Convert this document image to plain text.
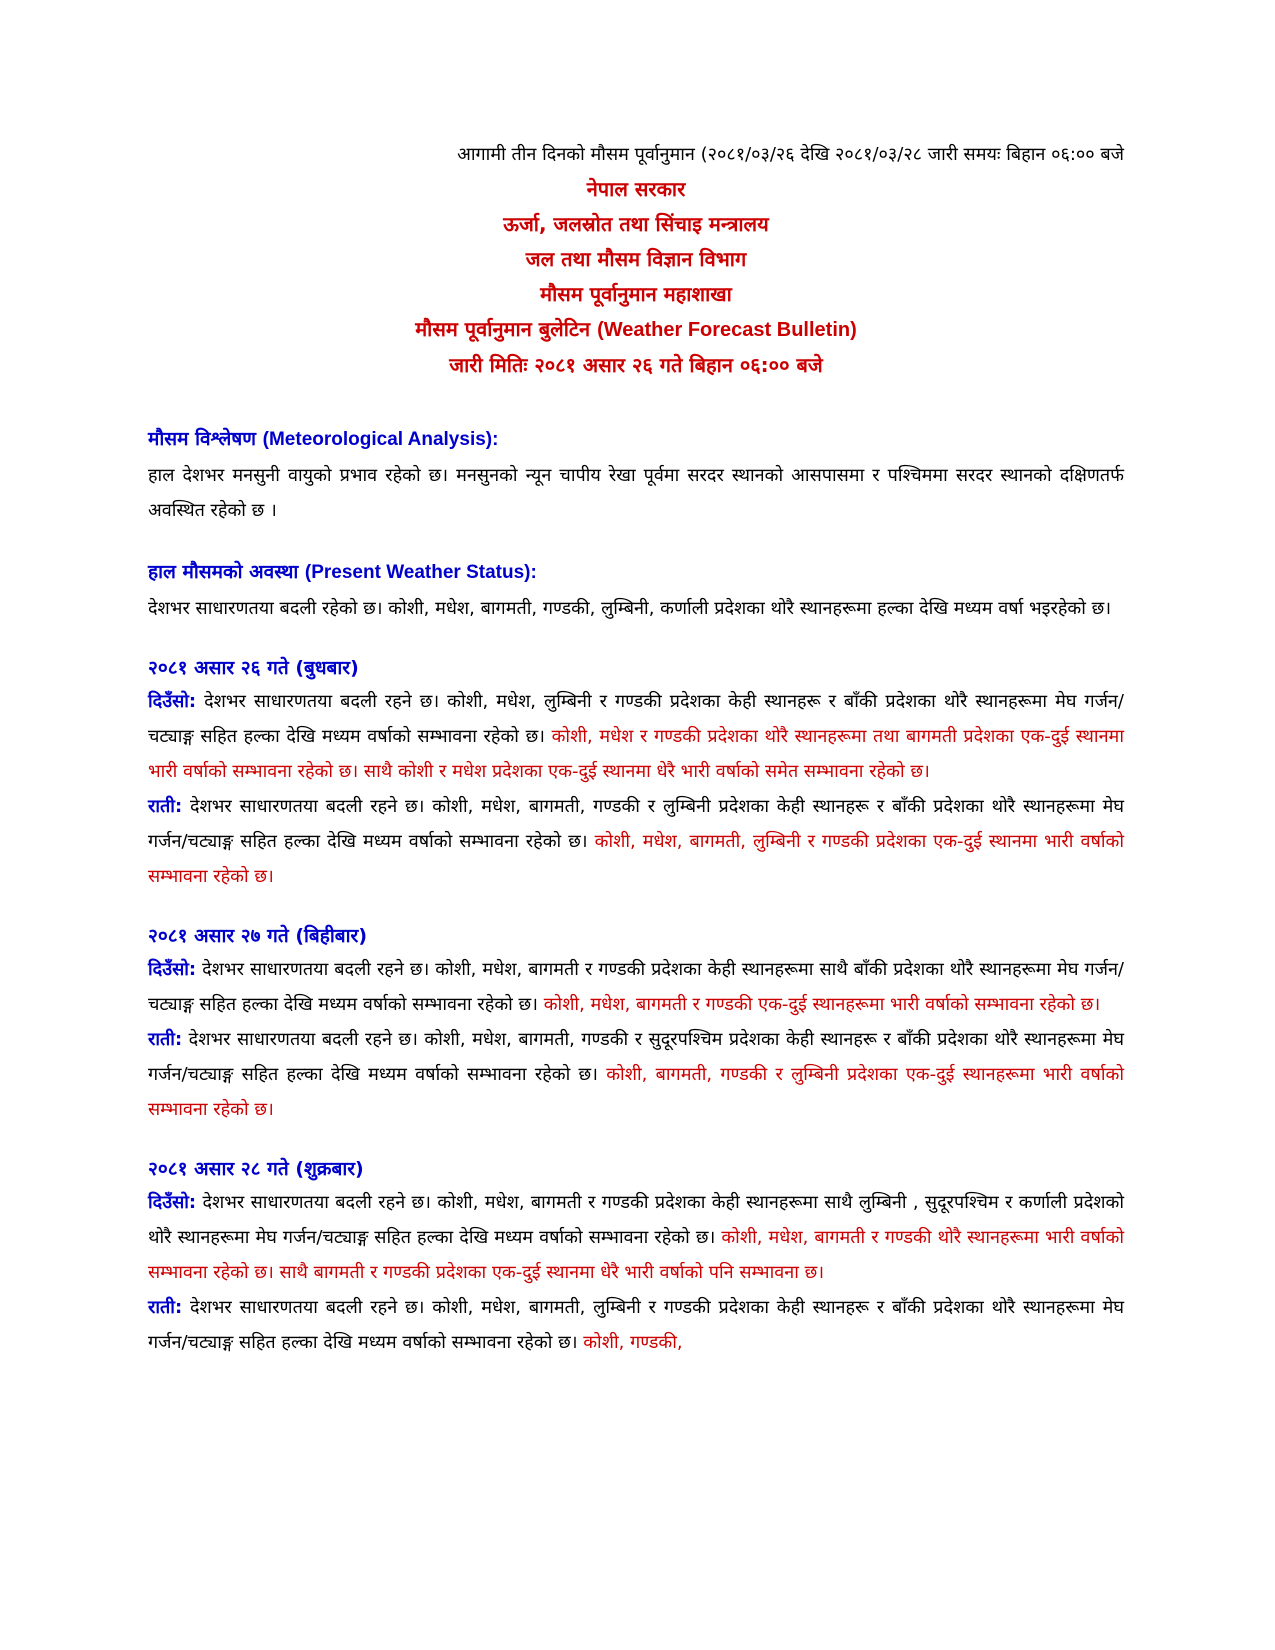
आगामी तीन दिनको मौसम पूर्वानुमान (२०८१/०३/२६ देखि २०८१/०३/२८ जारी समयः बिहान ०६:०० बजे

नेपाल सरकार

ऊर्जा, जलस्रोत तथा सिंचाइ मन्त्रालय

जल तथा मौसम विज्ञान विभाग

मौसम पूर्वानुमान महाशाखा

मौसम पूर्वानुमान बुलेटिन (Weather Forecast Bulletin)

जारी मितिः २०८१ असार २६ गते बिहान ०६:०० बजे

मौसम विश्लेषण (Meteorological Analysis):

हाल देशभर मनसुनी वायुको प्रभाव रहेको छ। मनसुनको न्यून चापीय रेखा पूर्वमा सरदर स्थानको आसपासमा र पश्चिममा सरदर स्थानको दक्षिणतर्फ अवस्थित रहेको छ ।

हाल मौसमको अवस्था (Present Weather Status):

देशभर साधारणतया बदली रहेको छ। कोशी, मधेश, बागमती, गण्डकी, लुम्बिनी, कर्णाली प्रदेशका थोरै स्थानहरूमा हल्का देखि मध्यम वर्षा भइरहेको छ।

२०८१ असार २६ गते (बुधबार)

दिउँसो: देशभर साधारणतया बदली रहने छ। कोशी, मधेश, लुम्बिनी र गण्डकी प्रदेशका केही स्थानहरू र बाँकी प्रदेशका थोरै स्थानहरूमा मेघ गर्जन/चट्याङ्ग सहित हल्का देखि मध्यम वर्षाको सम्भावना रहेको छ। कोशी, मधेश र गण्डकी प्रदेशका थोरै स्थानहरूमा तथा बागमती प्रदेशका एक-दुई स्थानमा भारी वर्षाको सम्भावना रहेको छ। साथै कोशी र मधेश प्रदेशका एक-दुई स्थानमा धेरै भारी वर्षाको समेत सम्भावना रहेको छ।

राती: देशभर साधारणतया बदली रहने छ। कोशी, मधेश, बागमती, गण्डकी र लुम्बिनी प्रदेशका केही स्थानहरू र बाँकी प्रदेशका थोरै स्थानहरूमा मेघ गर्जन/चट्याङ्ग सहित हल्का देखि मध्यम वर्षाको सम्भावना रहेको छ। कोशी, मधेश, बागमती, लुम्बिनी र गण्डकी प्रदेशका एक-दुई स्थानमा भारी वर्षाको सम्भावना रहेको छ।

२०८१ असार २७ गते (बिहीबार)

दिउँसो: देशभर साधारणतया बदली रहने छ। कोशी, मधेश, बागमती र गण्डकी प्रदेशका केही स्थानहरूमा साथै बाँकी प्रदेशका थोरै स्थानहरूमा मेघ गर्जन/चट्याङ्ग सहित हल्का देखि मध्यम वर्षाको सम्भावना रहेको छ। कोशी, मधेश, बागमती र गण्डकी एक-दुई स्थानहरूमा भारी वर्षाको सम्भावना रहेको छ।

राती: देशभर साधारणतया बदली रहने छ। कोशी, मधेश, बागमती, गण्डकी र सुदूरपश्चिम प्रदेशका केही स्थानहरू र बाँकी प्रदेशका थोरै स्थानहरूमा मेघ गर्जन/चट्याङ्ग सहित हल्का देखि मध्यम वर्षाको सम्भावना रहेको छ। कोशी, बागमती, गण्डकी र लुम्बिनी प्रदेशका एक-दुई स्थानहरूमा भारी वर्षाको सम्भावना रहेको छ।

२०८१ असार २८ गते (शुक्रबार)

दिउँसो: देशभर साधारणतया बदली रहने छ। कोशी, मधेश, बागमती र गण्डकी प्रदेशका केही स्थानहरूमा साथै लुम्बिनी , सुदूरपश्चिम र कर्णाली प्रदेशको थोरै स्थानहरूमा मेघ गर्जन/चट्याङ्ग सहित हल्का देखि मध्यम वर्षाको सम्भावना रहेको छ। कोशी, मधेश, बागमती र गण्डकी थोरै स्थानहरूमा भारी वर्षाको सम्भावना रहेको छ। साथै बागमती र गण्डकी प्रदेशका एक-दुई स्थानमा धेरै भारी वर्षाको पनि सम्भावना छ।

राती: देशभर साधारणतया बदली रहने छ। कोशी, मधेश, बागमती, लुम्बिनी र गण्डकी प्रदेशका केही स्थानहरू र बाँकी प्रदेशका थोरै स्थानहरूमा मेघ गर्जन/चट्याङ्ग सहित हल्का देखि मध्यम वर्षाको सम्भावना रहेको छ। कोशी, गण्डकी,
